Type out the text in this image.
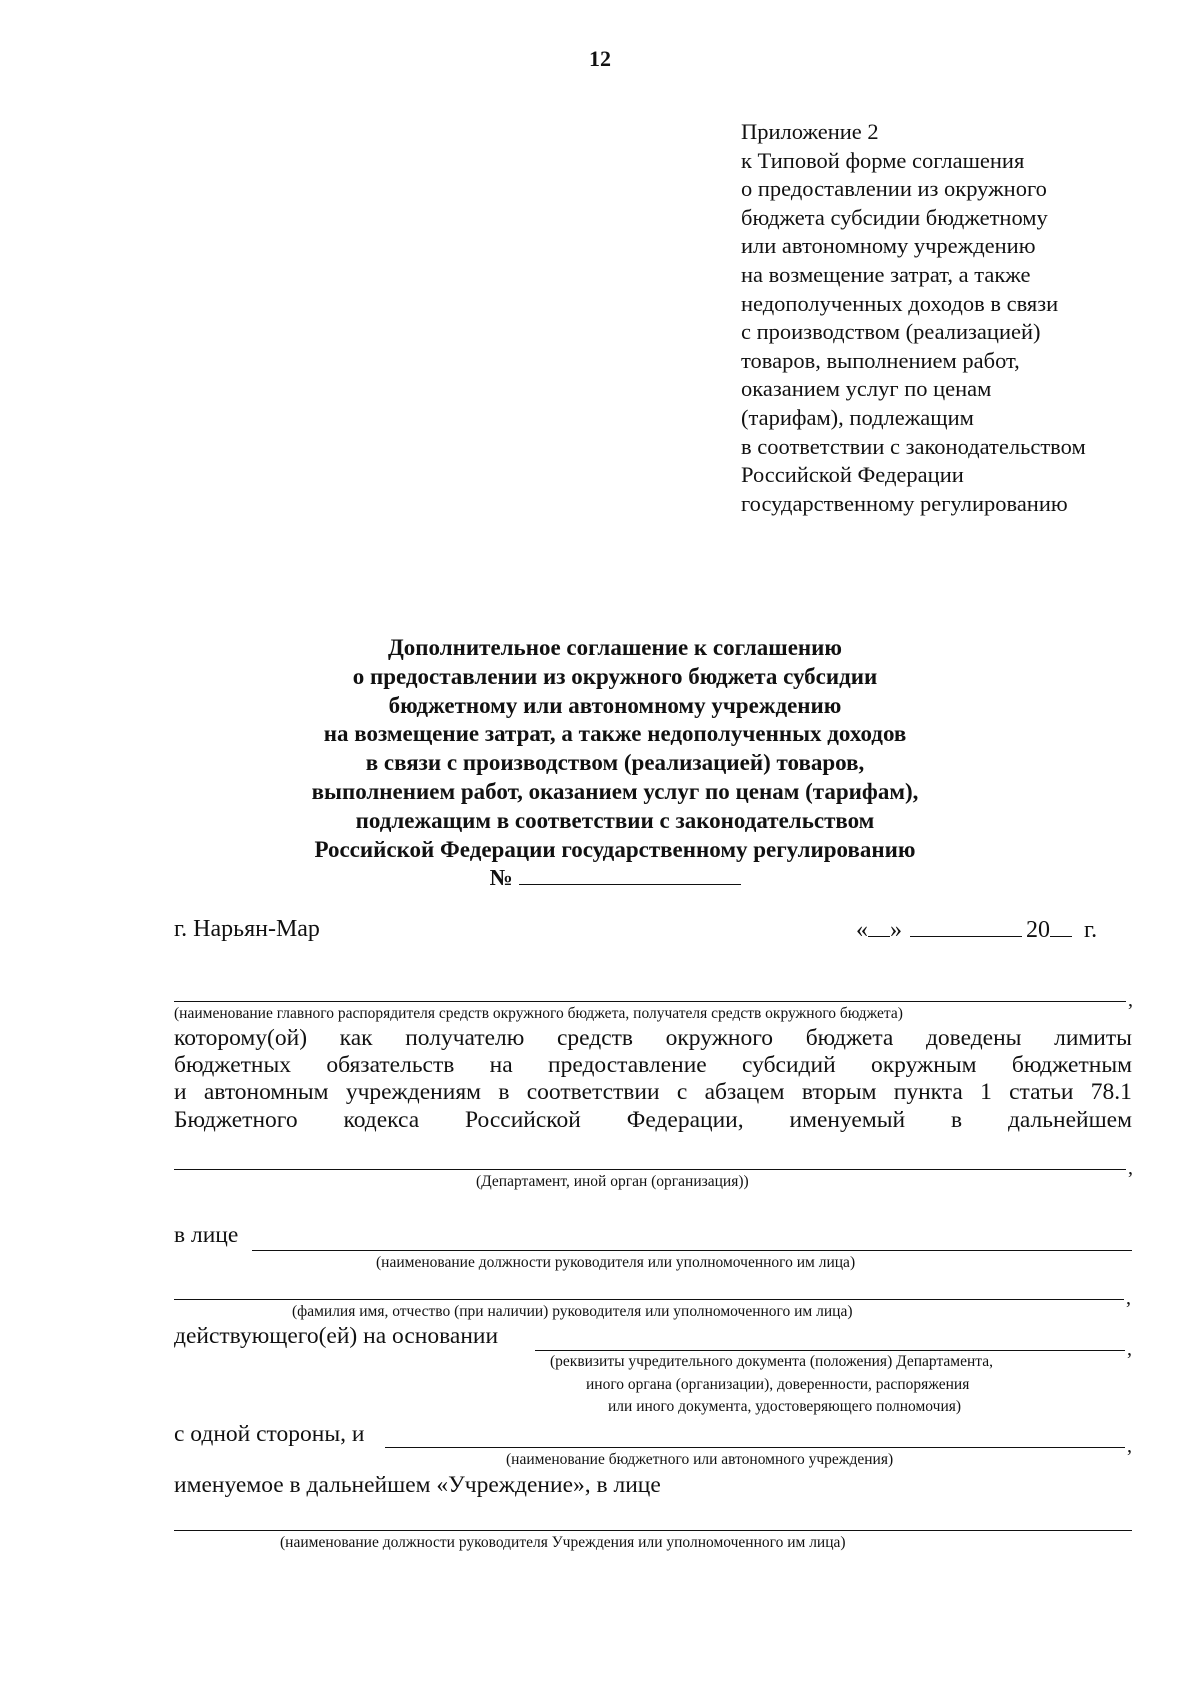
12
Приложение 2
к Типовой форме соглашения
о предоставлении из окружного
бюджета субсидии бюджетному
или автономному учреждению
на возмещение затрат, а также
недополученных доходов в связи
с производством (реализацией)
товаров, выполнением работ,
оказанием услуг по ценам
(тарифам), подлежащим
в соответствии с законодательством
Российской Федерации
государственному регулированию
Дополнительное соглашение к соглашению
о предоставлении из окружного бюджета субсидии
бюджетному или автономному учреждению
на возмещение затрат, а также недополученных доходов
в связи с производством (реализацией) товаров,
выполнением работ, оказанием услуг по ценам (тарифам),
подлежащим в соответствии с законодательством
Российской Федерации государственному регулированию
№
г. Нарьян-Мар	« »	20 г.
,
(наименование главного распорядителя средств окружного бюджета, получателя средств окружного бюджета)
которому(ой) как получателю средств окружного бюджета доведены лимиты
бюджетных обязательств на предоставление субсидий окружным бюджетным
и автономным учреждениям в соответствии с абзацем вторым пункта 1 статьи 78.1
Бюджетного кодекса Российской Федерации, именуемый в дальнейшем
,
(Департамент, иной орган (организация))
в лице
(наименование должности руководителя или уполномоченного им лица)
,
(фамилия имя, отчество (при наличии) руководителя или уполномоченного им лица)
действующего(ей) на основании	,
(реквизиты учредительного документа (положения) Департамента,
иного органа (организации), доверенности, распоряжения
или иного документа, удостоверяющего полномочия)
с одной стороны, и	,
(наименование бюджетного или автономного учреждения)
именуемое в дальнейшем «Учреждение», в лице
(наименование должности руководителя Учреждения или уполномоченного им лица)
